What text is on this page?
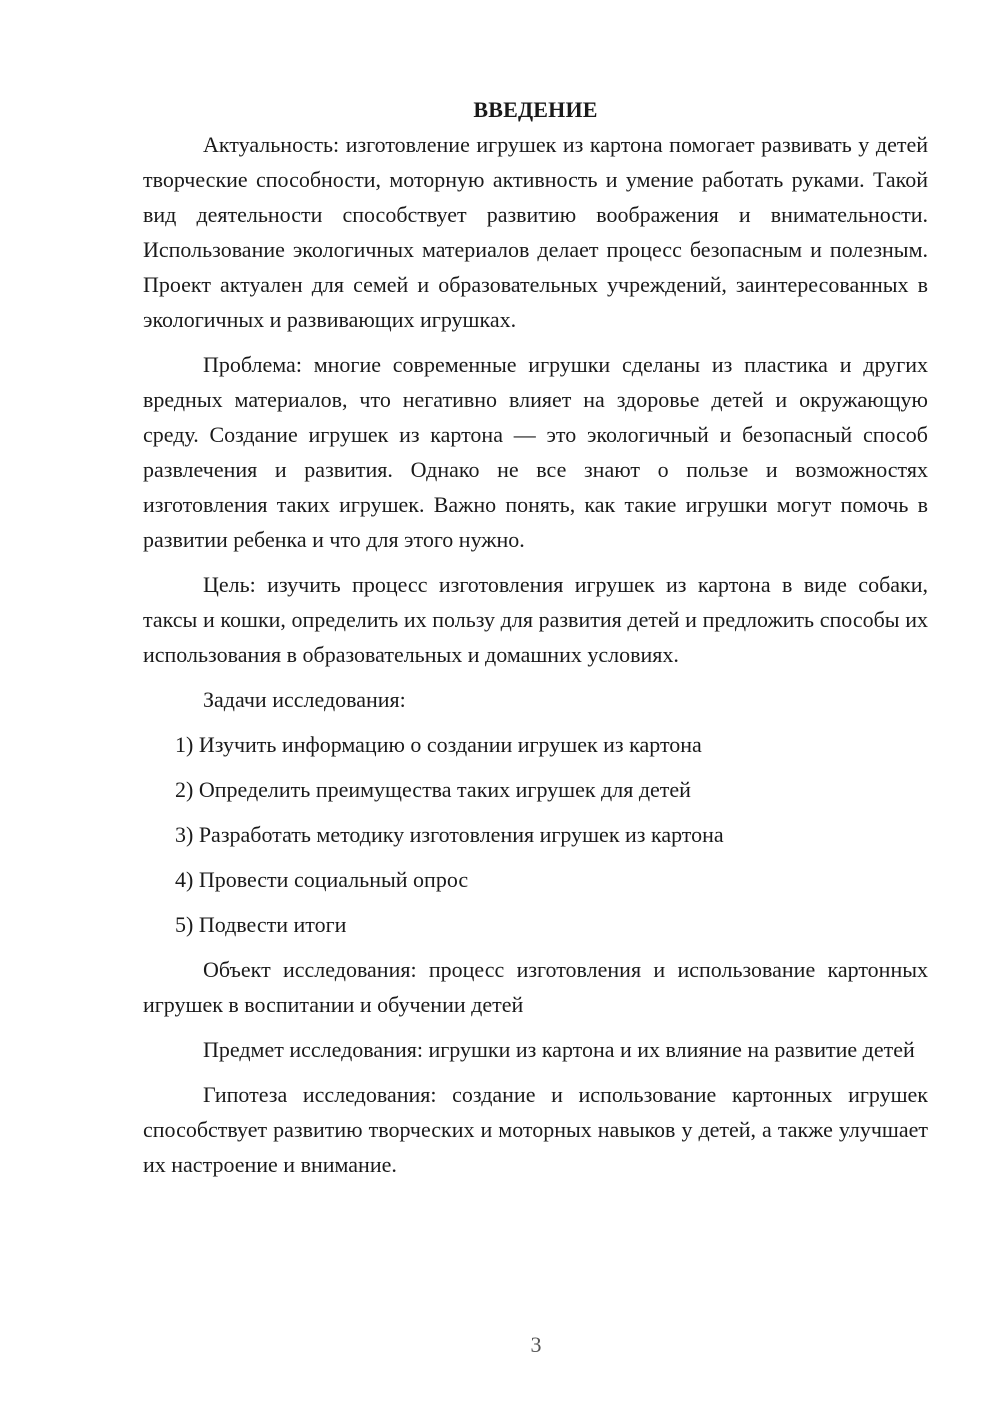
ВВЕДЕНИЕ

Актуальность: изготовление игрушек из картона помогает развивать у детей творческие способности, моторную активность и умение работать руками. Такой вид деятельности способствует развитию воображения и внимательности. Использование экологичных материалов делает процесс безопасным и полезным. Проект актуален для семей и образовательных учреждений, заинтересованных в экологичных и развивающих игрушках.

Проблема: многие современные игрушки сделаны из пластика и других вредных материалов, что негативно влияет на здоровье детей и окружающую среду. Создание игрушек из картона — это экологичный и безопасный способ развлечения и развития. Однако не все знают о пользе и возможностях изготовления таких игрушек. Важно понять, как такие игрушки могут помочь в развитии ребенка и что для этого нужно.

Цель: изучить процесс изготовления игрушек из картона в виде собаки, таксы и кошки, определить их пользу для развития детей и предложить способы их использования в образовательных и домашних условиях.

Задачи исследования:

1) Изучить информацию о создании игрушек из картона
2) Определить преимущества таких игрушек для детей
3) Разработать методику изготовления игрушек из картона
4) Провести социальный опрос
5) Подвести итоги

Объект исследования: процесс изготовления и использование картонных игрушек в воспитании и обучении детей

Предмет исследования: игрушки из картона и их влияние на развитие детей

Гипотеза исследования: создание и использование картонных игрушек способствует развитию творческих и моторных навыков у детей, а также улучшает их настроение и внимание.

3
